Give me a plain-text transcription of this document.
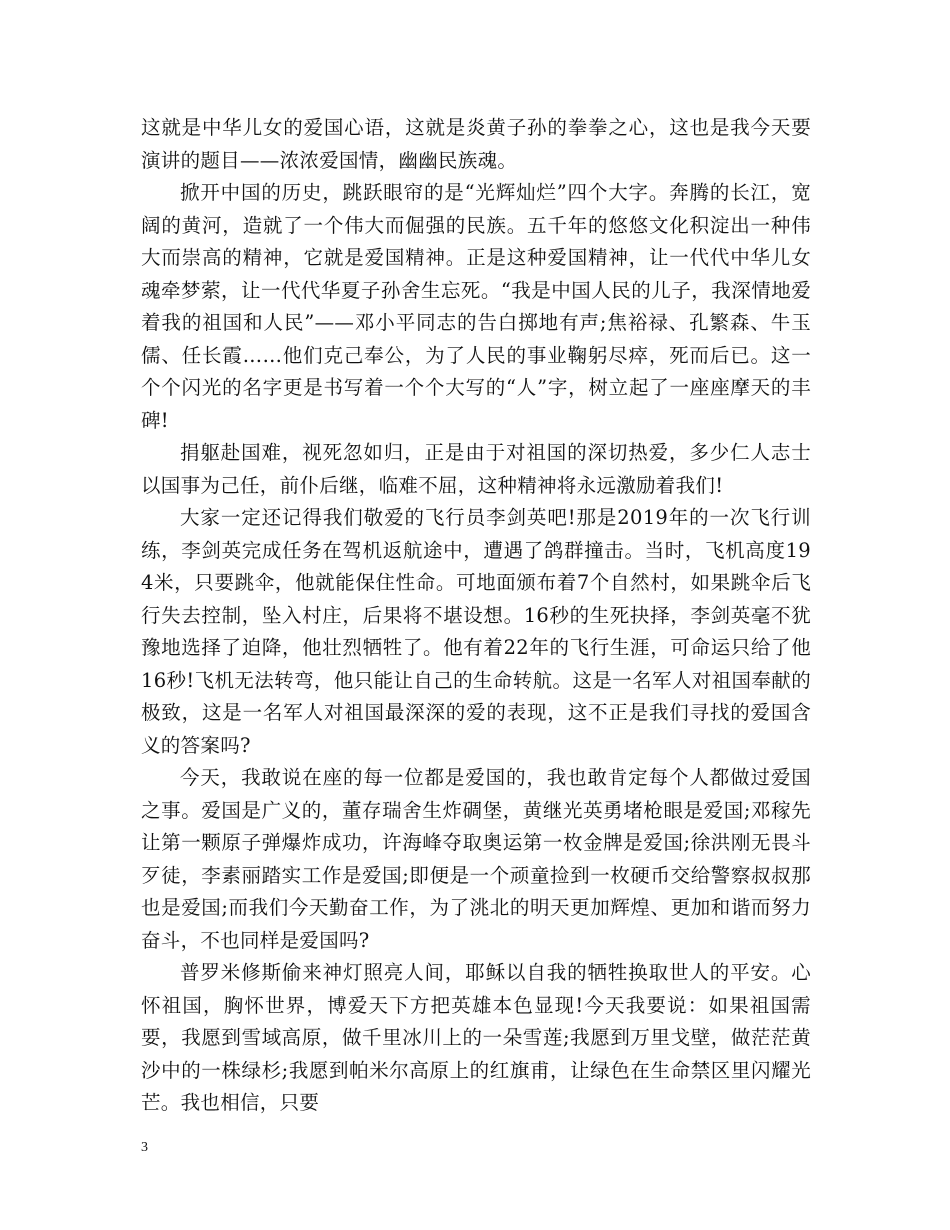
这就是中华儿女的爱国心语，这就是炎黄子孙的拳拳之心，这也是我今天要演讲的题目——浓浓爱国情，幽幽民族魂。

掀开中国的历史，跳跃眼帘的是“光辉灿烂”四个大字。奔腾的长江，宽阔的黄河，造就了一个伟大而倔强的民族。五千年的悠悠文化积淀出一种伟大而崇高的精神，它就是爱国精神。正是这种爱国精神，让一代代中华儿女魂牵梦萦，让一代代华夏子孙舍生忘死。“我是中国人民的儿子，我深情地爱着我的祖国和人民”——邓小平同志的告白掷地有声;焦裕禄、孔繁森、牛玉儒、任长霞……他们克己奉公，为了人民的事业鞠躬尽瘁，死而后已。这一个个闪光的名字更是书写着一个个大写的“人”字，树立起了一座座摩天的丰碑!

捐躯赴国难，视死忽如归，正是由于对祖国的深切热爱，多少仁人志士以国事为己任，前仆后继，临难不屈，这种精神将永远激励着我们!

大家一定还记得我们敬爱的飞行员李剑英吧!那是2019年的一次飞行训练，李剑英完成任务在驾机返航途中，遭遇了鸽群撞击。当时，飞机高度194米，只要跳伞，他就能保住性命。可地面颁布着7个自然村，如果跳伞后飞行失去控制，坠入村庄，后果将不堪设想。16秒的生死抉择，李剑英毫不犹豫地选择了迫降，他壮烈牺牲了。他有着22年的飞行生涯，可命运只给了他16秒!飞机无法转弯，他只能让自己的生命转航。这是一名军人对祖国奉献的极致，这是一名军人对祖国最深深的爱的表现，这不正是我们寻找的爱国含义的答案吗?

今天，我敢说在座的每一位都是爱国的，我也敢肯定每个人都做过爱国之事。爱国是广义的，董存瑞舍生炸碉堡，黄继光英勇堵枪眼是爱国;邓稼先让第一颗原子弹爆炸成功，许海峰夺取奥运第一枚金牌是爱国;徐洪刚无畏斗歹徒，李素丽踏实工作是爱国;即便是一个顽童捡到一枚硬币交给警察叔叔那也是爱国;而我们今天勤奋工作，为了洮北的明天更加辉煌、更加和谐而努力奋斗，不也同样是爱国吗?

普罗米修斯偷来神灯照亮人间，耶稣以自我的牺牲换取世人的平安。心怀祖国，胸怀世界，博爱天下方把英雄本色显现!今天我要说：如果祖国需要，我愿到雪域高原，做千里冰川上的一朵雪莲;我愿到万里戈壁，做茫茫黄沙中的一株绿杉;我愿到帕米尔高原上的红旗甫，让绿色在生命禁区里闪耀光芒。我也相信，只要

3
